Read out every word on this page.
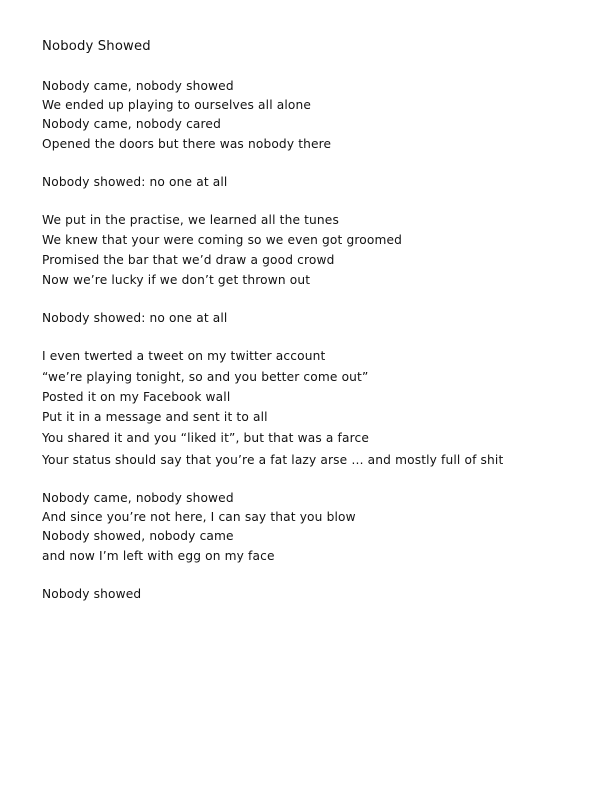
Nobody Showed
Nobody came, nobody showed
We ended up playing to ourselves all alone
Nobody came, nobody cared
Opened the doors but there was nobody there
Nobody showed: no one at all
We put in the practise, we learned all the tunes
We knew that your were coming so we even got groomed
Promised the bar that we’d draw a good crowd
Now we’re lucky if we don’t get thrown out
Nobody showed: no one at all
I even twerted a tweet on my twitter account
“we’re playing tonight, so and you better come out”
Posted it on my Facebook wall
Put it in a message and sent it to all
You shared it and you “liked it”, but that was a farce
Your status should say that you’re a fat lazy arse … and mostly full of shit
Nobody came, nobody showed
And since you’re not here, I can say that you blow
Nobody showed, nobody came
and now I’m left with egg on my face
Nobody showed
